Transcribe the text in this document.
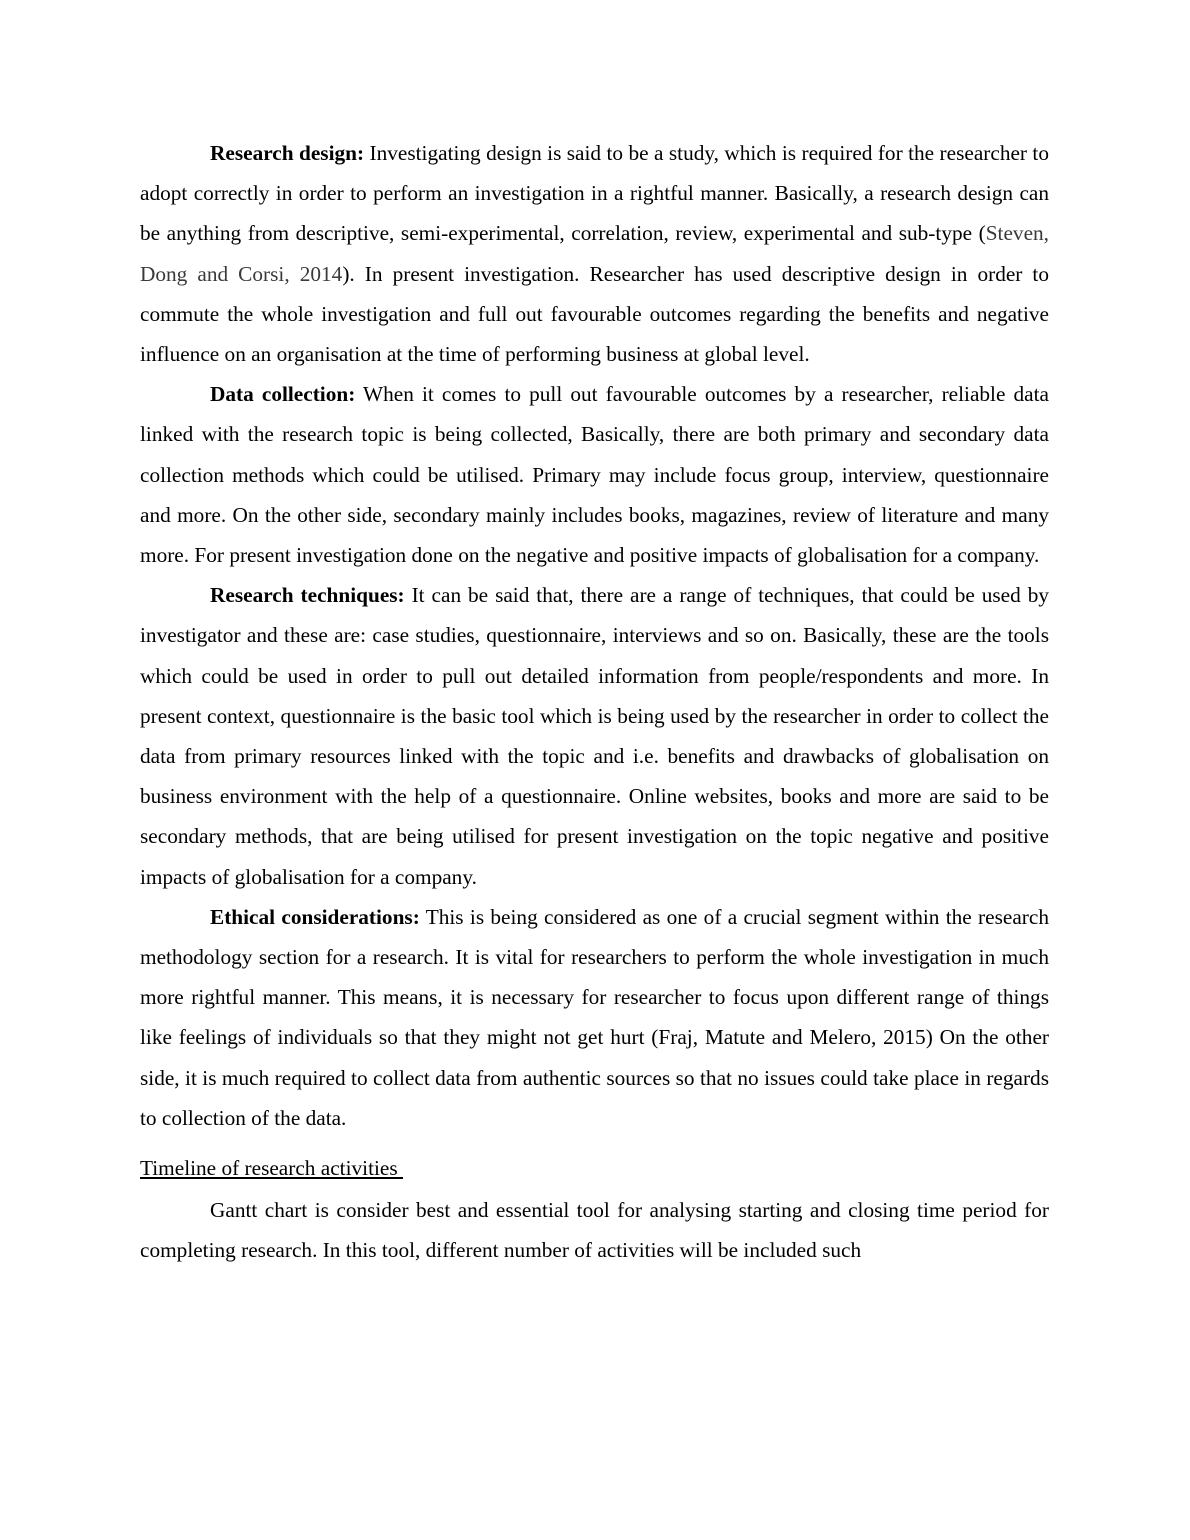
Research design: Investigating design is said to be a study, which is required for the researcher to adopt correctly in order to perform an investigation in a rightful manner. Basically, a research design can be anything from descriptive, semi-experimental, correlation, review, experimental and sub-type (Steven, Dong and Corsi, 2014). In present investigation. Researcher has used descriptive design in order to commute the whole investigation and full out favourable outcomes regarding the benefits and negative influence on an organisation at the time of performing business at global level.

Data collection: When it comes to pull out favourable outcomes by a researcher, reliable data linked with the research topic is being collected, Basically, there are both primary and secondary data collection methods which could be utilised. Primary may include focus group, interview, questionnaire and more. On the other side, secondary mainly includes books, magazines, review of literature and many more. For present investigation done on the negative and positive impacts of globalisation for a company.

Research techniques: It can be said that, there are a range of techniques, that could be used by investigator and these are: case studies, questionnaire, interviews and so on. Basically, these are the tools which could be used in order to pull out detailed information from people/respondents and more. In present context, questionnaire is the basic tool which is being used by the researcher in order to collect the data from primary resources linked with the topic and i.e. benefits and drawbacks of globalisation on business environment with the help of a questionnaire. Online websites, books and more are said to be secondary methods, that are being utilised for present investigation on the topic negative and positive impacts of globalisation for a company.

Ethical considerations: This is being considered as one of a crucial segment within the research methodology section for a research. It is vital for researchers to perform the whole investigation in much more rightful manner. This means, it is necessary for researcher to focus upon different range of things like feelings of individuals so that they might not get hurt (Fraj, Matute and Melero, 2015) On the other side, it is much required to collect data from authentic sources so that no issues could take place in regards to collection of the data.

Timeline of research activities

Gantt chart is consider best and essential tool for analysing starting and closing time period for completing research. In this tool, different number of activities will be included such
